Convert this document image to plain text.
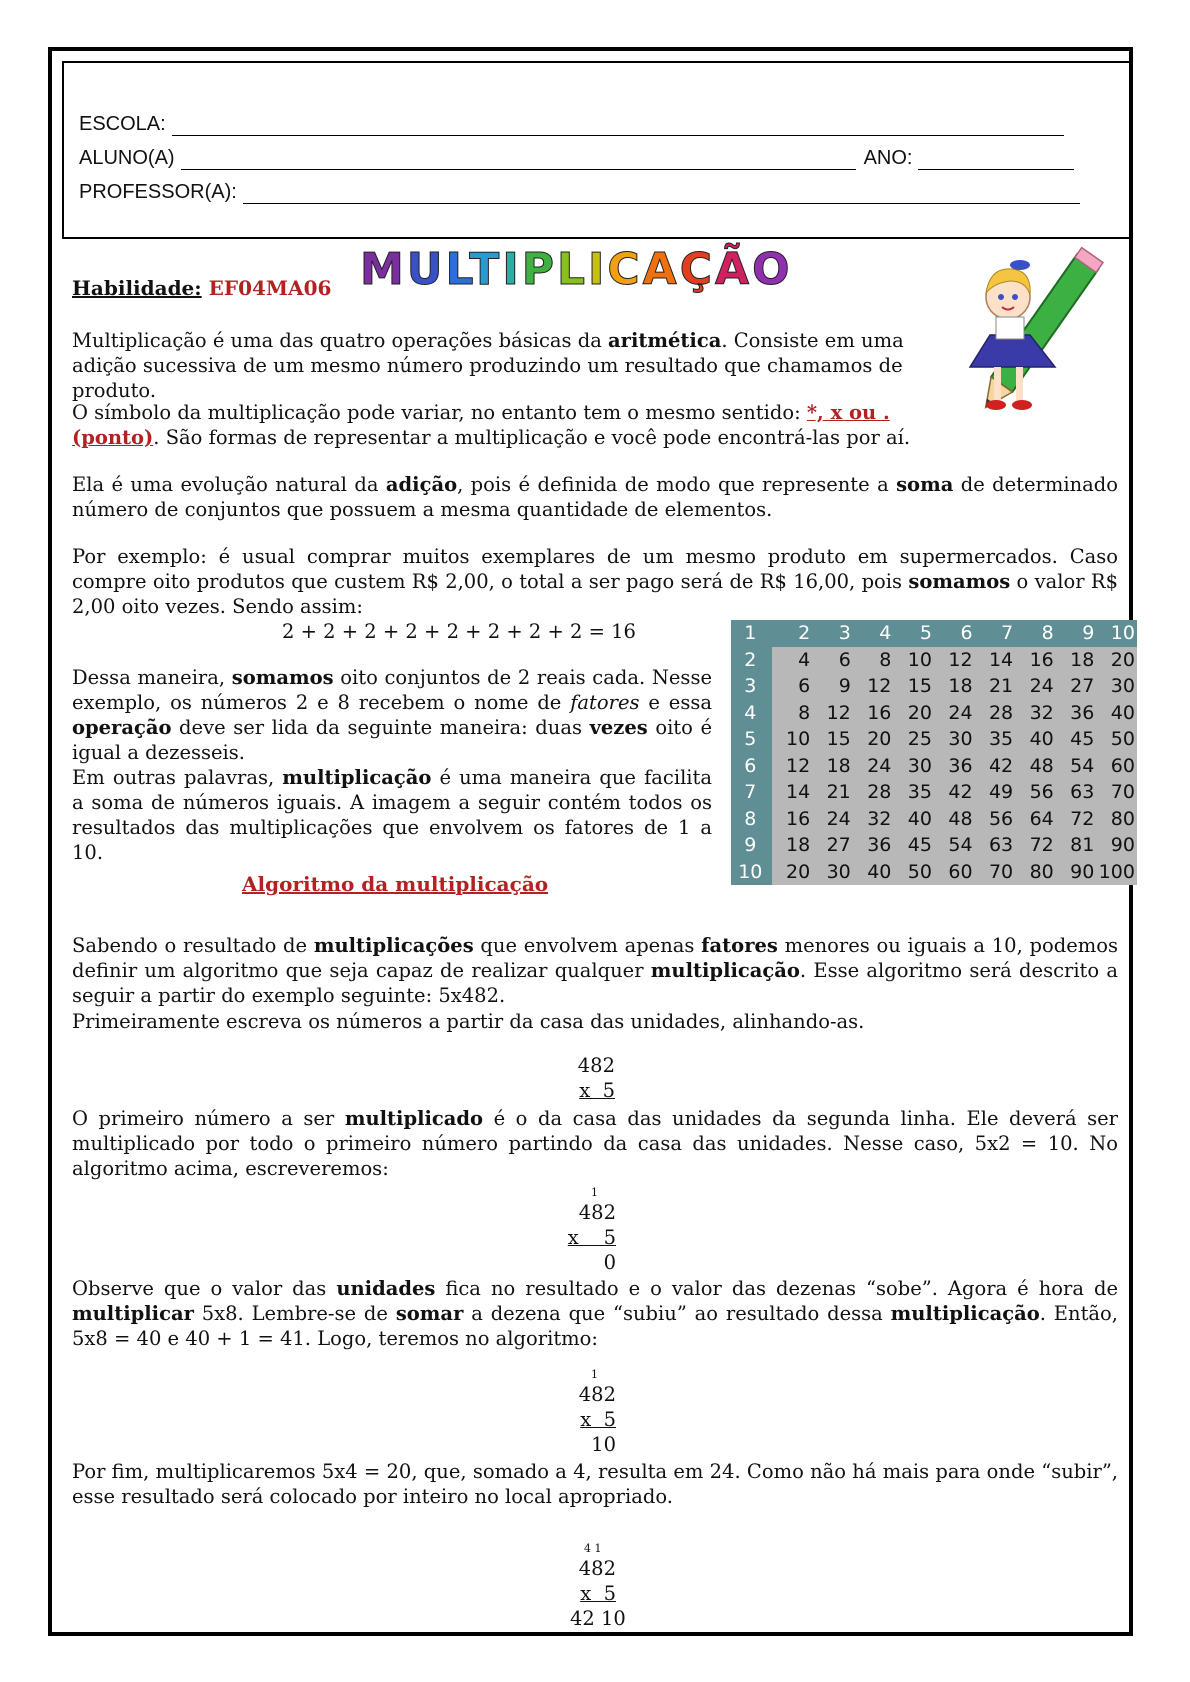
ESCOLA:
ALUNO(A)	ANO:
PROFESSOR(A):
Habilidade: EF04MA06 MULTIPLICAÇÃO
Multiplicação é uma das quatro operações básicas da aritmética. Consiste em uma adição sucessiva de um mesmo número produzindo um resultado que chamamos de produto.
O símbolo da multiplicação pode variar, no entanto tem o mesmo sentido: *, x ou . (ponto). São formas de representar a multiplicação e você pode encontrá-las por aí.
Ela é uma evolução natural da adição, pois é definida de modo que represente a soma de determinado número de conjuntos que possuem a mesma quantidade de elementos.
Por exemplo: é usual comprar muitos exemplares de um mesmo produto em supermercados. Caso compre oito produtos que custem R$ 2,00, o total a ser pago será de R$ 16,00, pois somamos o valor R$ 2,00 oito vezes. Sendo assim:
2 + 2 + 2 + 2 + 2 + 2 + 2 + 2 = 16
Dessa maneira, somamos oito conjuntos de 2 reais cada. Nesse exemplo, os números 2 e 8 recebem o nome de fatores e essa operação deve ser lida da seguinte maneira: duas vezes oito é igual a dezesseis.
Em outras palavras, multiplicação é uma maneira que facilita a soma de números iguais. A imagem a seguir contém todos os resultados das multiplicações que envolvem os fatores de 1 a 10.
1	2	3	4	5	6	7	8	9	10
2	4	6	8	10	12	14	16	18	20
3	6	9	12	15	18	21	24	27	30
4	8	12	16	20	24	28	32	36	40
5	10	15	20	25	30	35	40	45	50
6	12	18	24	30	36	42	48	54	60
7	14	21	28	35	42	49	56	63	70
8	16	24	32	40	48	56	64	72	80
9	18	27	36	45	54	63	72	81	90
10	20	30	40	50	60	70	80	90	100
Algoritmo da multiplicação
Sabendo o resultado de multiplicações que envolvem apenas fatores menores ou iguais a 10, podemos definir um algoritmo que seja capaz de realizar qualquer multiplicação. Esse algoritmo será descrito a seguir a partir do exemplo seguinte: 5x482.
Primeiramente escreva os números a partir da casa das unidades, alinhando-as.
482
x  5
O primeiro número a ser multiplicado é o da casa das unidades da segunda linha. Ele deverá ser multiplicado por todo o primeiro número partindo da casa das unidades. Nesse caso, 5x2 = 10. No algoritmo acima, escreveremos:
1
482
x    5
0
Observe que o valor das unidades fica no resultado e o valor das dezenas “sobe”. Agora é hora de multiplicar 5x8. Lembre-se de somar a dezena que “subiu” ao resultado dessa multiplicação. Então, 5x8 = 40 e 40 + 1 = 41. Logo, teremos no algoritmo:
1
482
x  5
10
Por fim, multiplicaremos 5x4 = 20, que, somado a 4, resulta em 24. Como não há mais para onde “subir”, esse resultado será colocado por inteiro no local apropriado.
4 1
482
x  5
42 10
